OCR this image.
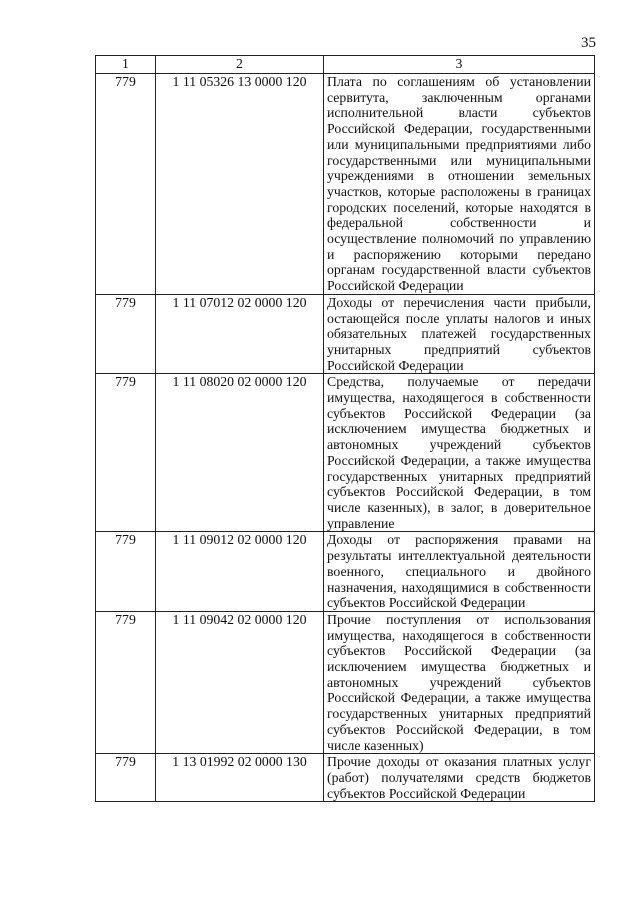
35
1	2	3
779	1 11 05326 13 0000 120	Плата по соглашениям об установлении сервитута, заключенным органами исполнительной власти субъектов Российской Федерации, государственными или муниципальными предприятиями либо государственными или муниципальными учреждениями в отношении земельных участков, которые расположены в границах городских поселений, которые находятся в федеральной собственности и осуществление полномочий по управлению и распоряжению которыми передано органам государственной власти субъектов Российской Федерации
779	1 11 07012 02 0000 120	Доходы от перечисления части прибыли, остающейся после уплаты налогов и иных обязательных платежей государственных унитарных предприятий субъектов Российской Федерации
779	1 11 08020 02 0000 120	Средства, получаемые от передачи имущества, находящегося в собственности субъектов Российской Федерации (за исключением имущества бюджетных и автономных учреждений субъектов Российской Федерации, а также имущества государственных унитарных предприятий субъектов Российской Федерации, в том числе казенных), в залог, в доверительное управление
779	1 11 09012 02 0000 120	Доходы от распоряжения правами на результаты интеллектуальной деятельности военного, специального и двойного назначения, находящимися в собственности субъектов Российской Федерации
779	1 11 09042 02 0000 120	Прочие поступления от использования имущества, находящегося в собственности субъектов Российской Федерации (за исключением имущества бюджетных и автономных учреждений субъектов Российской Федерации, а также имущества государственных унитарных предприятий субъектов Российской Федерации, в том числе казенных)
779	1 13 01992 02 0000 130	Прочие доходы от оказания платных услуг (работ) получателями средств бюджетов субъектов Российской Федерации
